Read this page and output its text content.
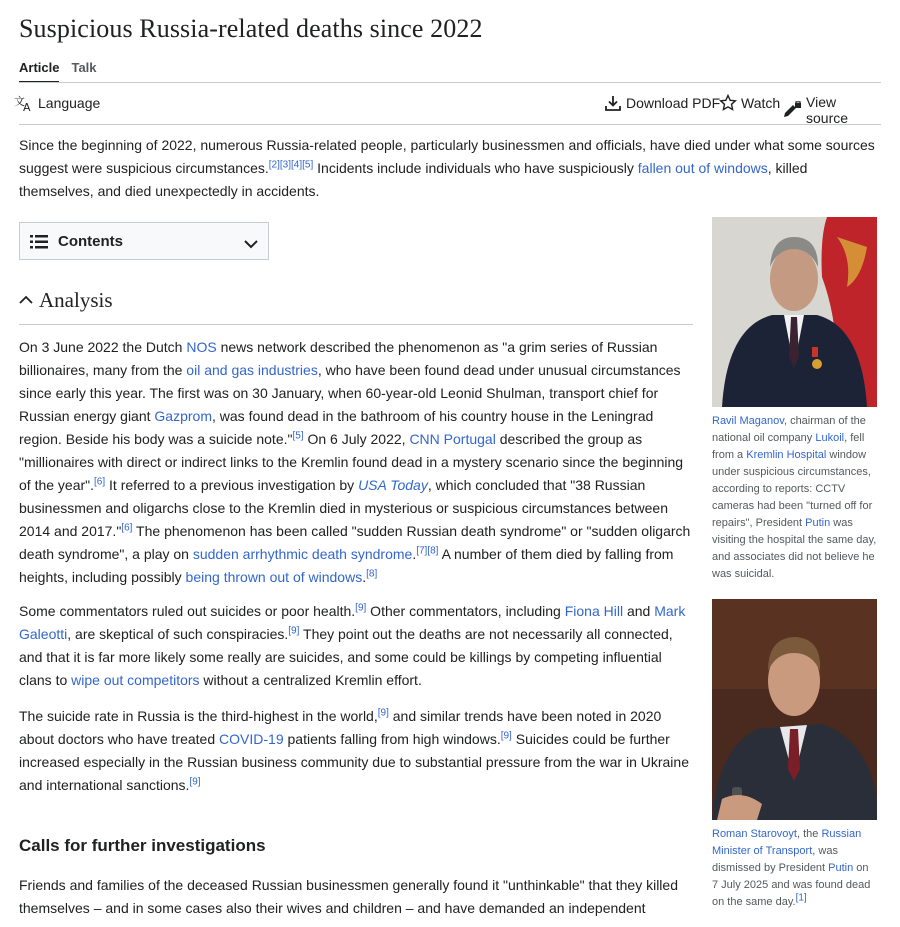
Suspicious Russia-related deaths since 2022
Article Talk
文
A Language	Download PDF Watch View source
Since the beginning of 2022, numerous Russia-related people, particularly businessmen and officials, have died under what some sources suggest were suspicious circumstances.[2][3][4][5] Incidents include individuals who have suspiciously fallen out of windows, killed themselves, and died unexpectedly in accidents.
Contents
Analysis
On 3 June 2022 the Dutch NOS news network described the phenomenon as "a grim series of Russian billionaires, many from the oil and gas industries, who have been found dead under unusual circumstances since early this year. The first was on 30 January, when 60-year-old Leonid Shulman, transport chief for Russian energy giant Gazprom, was found dead in the bathroom of his country house in the Leningrad region. Beside his body was a suicide note."[5] On 6 July 2022, CNN Portugal described the group as "millionaires with direct or indirect links to the Kremlin found dead in a mystery scenario since the beginning of the year".[6] It referred to a previous investigation by USA Today, which concluded that "38 Russian businessmen and oligarchs close to the Kremlin died in mysterious or suspicious circumstances between 2014 and 2017."[6] The phenomenon has been called "sudden Russian death syndrome" or "sudden oligarch death syndrome", a play on sudden arrhythmic death syndrome.[7][8] A number of them died by falling from heights, including possibly being thrown out of windows.[8]
Some commentators ruled out suicides or poor health.[9] Other commentators, including Fiona Hill and Mark Galeotti, are skeptical of such conspiracies.[9] They point out the deaths are not necessarily all connected, and that it is far more likely some really are suicides, and some could be killings by competing influential clans to wipe out competitors without a centralized Kremlin effort.
The suicide rate in Russia is the third-highest in the world,[9] and similar trends have been noted in 2020 about doctors who have treated COVID-19 patients falling from high windows.[9] Suicides could be further increased especially in the Russian business community due to substantial pressure from the war in Ukraine and international sanctions.[9]
Calls for further investigations
Friends and families of the deceased Russian businessmen generally found it "unthinkable" that they killed themselves – and in some cases also their wives and children – and have demanded an independent
Ravil Maganov, chairman of the national oil company Lukoil, fell from a Kremlin Hospital window under suspicious circumstances, according to reports: CCTV cameras had been "turned off for repairs", President Putin was visiting the hospital the same day, and associates did not believe he was suicidal.
Roman Starovoyt, the Russian Minister of Transport, was dismissed by President Putin on 7 July 2025 and was found dead on the same day.[1]
